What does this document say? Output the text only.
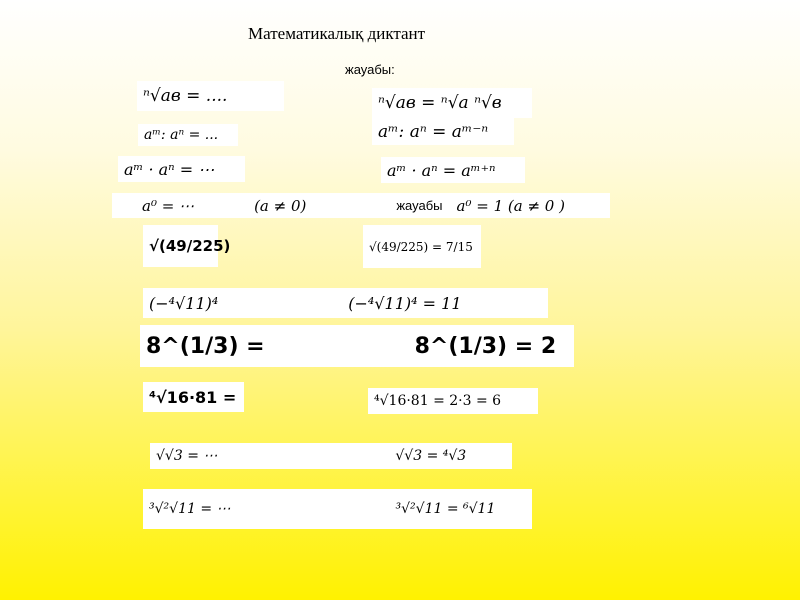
Математикалық диктант
жауабы:
ⁿ√ав = ....	ⁿ√ав = ⁿ√а ⁿ√в
aᵐ: aⁿ = ...	aᵐ: aⁿ = aᵐ⁻ⁿ
aᵐ · aⁿ = ⋯	aᵐ · aⁿ = aᵐ⁺ⁿ
a⁰ = ⋯	(a ≠ 0)	жауабы a⁰ = 1 (a ≠ 0 )
√(49/225)	√(49/225) = 7/15
(−⁴√11)⁴	(−⁴√11)⁴ = 11
8^(1/3) =	8^(1/3) = 2
⁴√16·81 =	⁴√16·81 = 2·3 = 6
√√3 = ⋯	√√3 = ⁴√3
³√²√11 = ⋯	³√²√11 = ⁶√11
